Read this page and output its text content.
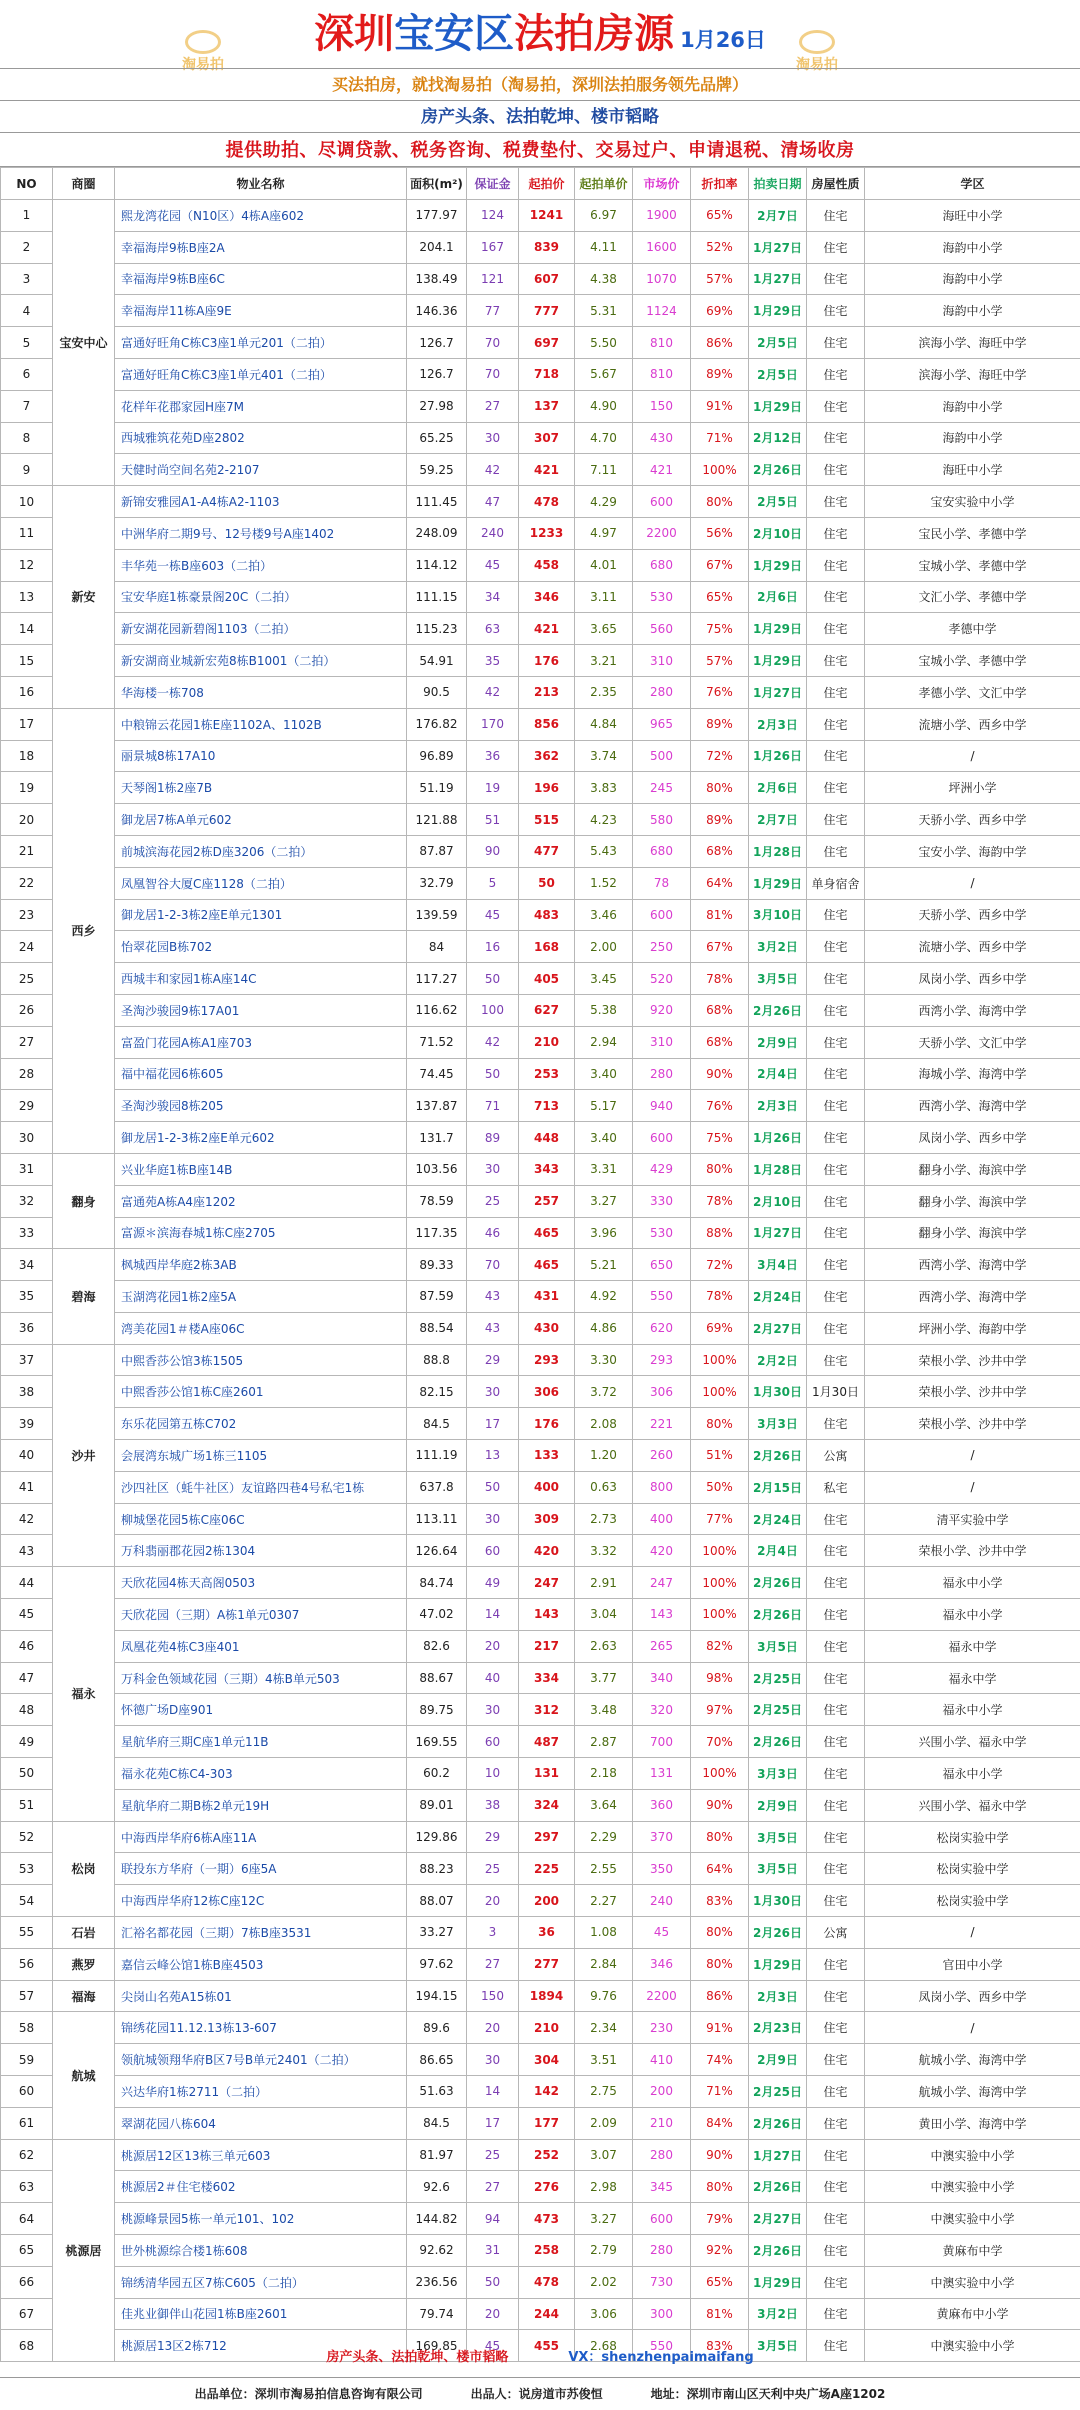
深圳宝安区法拍房源 1月26日
淘易拍	淘易拍
买法拍房，就找淘易拍（淘易拍，深圳法拍服务领先品牌）
房产头条、法拍乾坤、楼市韬略
提供助拍、尽调贷款、税务咨询、税费垫付、交易过户、申请退税、清场收房
NO	商圈	物业名称	面积(m²)	保证金	起拍价	起拍单价	市场价	折扣率	拍卖日期	房屋性质	学区
1	宝安中心	熙龙湾花园（N10区）4栋A座602	177.97	124	1241	6.97	1900	65%	2月7日	住宅	海旺中小学
2		幸福海岸9栋B座2A	204.1	167	839	4.11	1600	52%	1月27日	住宅	海韵中小学
3		幸福海岸9栋B座6C	138.49	121	607	4.38	1070	57%	1月27日	住宅	海韵中小学
4		幸福海岸11栋A座9E	146.36	77	777	5.31	1124	69%	1月29日	住宅	海韵中小学
5		富通好旺角C栋C3座1单元201（二拍）	126.7	70	697	5.50	810	86%	2月5日	住宅	滨海小学、海旺中学
6		富通好旺角C栋C3座1单元401（二拍）	126.7	70	718	5.67	810	89%	2月5日	住宅	滨海小学、海旺中学
7		花样年花郡家园H座7M	27.98	27	137	4.90	150	91%	1月29日	住宅	海韵中小学
8		西城雅筑花苑D座2802	65.25	30	307	4.70	430	71%	2月12日	住宅	海韵中小学
9		天健时尚空间名苑2-2107	59.25	42	421	7.11	421	100%	2月26日	住宅	海旺中小学
10	新安	新锦安雅园A1-A4栋A2-1103	111.45	47	478	4.29	600	80%	2月5日	住宅	宝安实验中小学
11		中洲华府二期9号、12号楼9号A座1402	248.09	240	1233	4.97	2200	56%	2月10日	住宅	宝民小学、孝德中学
12		丰华苑一栋B座603（二拍）	114.12	45	458	4.01	680	67%	1月29日	住宅	宝城小学、孝德中学
13		宝安华庭1栋豪景阁20C（二拍）	111.15	34	346	3.11	530	65%	2月6日	住宅	文汇小学、孝德中学
14		新安湖花园新碧阁1103（二拍）	115.23	63	421	3.65	560	75%	1月29日	住宅	孝德中学
15		新安湖商业城新宏苑8栋B1001（二拍）	54.91	35	176	3.21	310	57%	1月29日	住宅	宝城小学、孝德中学
16		华海楼一栋708	90.5	42	213	2.35	280	76%	1月27日	住宅	孝德小学、文汇中学
17	西乡	中粮锦云花园1栋E座1102A、1102B	176.82	170	856	4.84	965	89%	2月3日	住宅	流塘小学、西乡中学
18		丽景城8栋17A10	96.89	36	362	3.74	500	72%	1月26日	住宅	/
19		天琴阁1栋2座7B	51.19	19	196	3.83	245	80%	2月6日	住宅	坪洲小学
20		御龙居7栋A单元602	121.88	51	515	4.23	580	89%	2月7日	住宅	天骄小学、西乡中学
21		前城滨海花园2栋D座3206（二拍）	87.87	90	477	5.43	680	68%	1月28日	住宅	宝安小学、海韵中学
22		凤凰智谷大厦C座1128（二拍）	32.79	5	50	1.52	78	64%	1月29日	单身宿舍	/
23		御龙居1-2-3栋2座E单元1301	139.59	45	483	3.46	600	81%	3月10日	住宅	天骄小学、西乡中学
24		怡翠花园B栋702	84	16	168	2.00	250	67%	3月2日	住宅	流塘小学、西乡中学
25		西城丰和家园1栋A座14C	117.27	50	405	3.45	520	78%	3月5日	住宅	凤岗小学、西乡中学
26		圣淘沙骏园9栋17A01	116.62	100	627	5.38	920	68%	2月26日	住宅	西湾小学、海湾中学
27		富盈门花园A栋A1座703	71.52	42	210	2.94	310	68%	2月9日	住宅	天骄小学、文汇中学
28		福中福花园6栋605	74.45	50	253	3.40	280	90%	2月4日	住宅	海城小学、海湾中学
29		圣淘沙骏园8栋205	137.87	71	713	5.17	940	76%	2月3日	住宅	西湾小学、海湾中学
30		御龙居1-2-3栋2座E单元602	131.7	89	448	3.40	600	75%	1月26日	住宅	凤岗小学、西乡中学
31	翻身	兴业华庭1栋B座14B	103.56	30	343	3.31	429	80%	1月28日	住宅	翻身小学、海滨中学
32		富通苑A栋A4座1202	78.59	25	257	3.27	330	78%	2月10日	住宅	翻身小学、海滨中学
33		富源＊滨海春城1栋C座2705	117.35	46	465	3.96	530	88%	1月27日	住宅	翻身小学、海滨中学
34	碧海	枫城西岸华庭2栋3AB	89.33	70	465	5.21	650	72%	3月4日	住宅	西湾小学、海湾中学
35		玉湖湾花园1栋2座5A	87.59	43	431	4.92	550	78%	2月24日	住宅	西湾小学、海湾中学
36		湾美花园1＃楼A座06C	88.54	43	430	4.86	620	69%	2月27日	住宅	坪洲小学、海韵中学
37	沙井	中熙香莎公馆3栋1505	88.8	29	293	3.30	293	100%	2月2日	住宅	荣根小学、沙井中学
38		中熙香莎公馆1栋C座2601	82.15	30	306	3.72	306	100%	1月30日	1月30日	荣根小学、沙井中学
39		东乐花园第五栋C702	84.5	17	176	2.08	221	80%	3月3日	住宅	荣根小学、沙井中学
40		会展湾东城广场1栋三1105	111.19	13	133	1.20	260	51%	2月26日	公寓	/
41		沙四社区（蚝牛社区）友谊路四巷4号私宅1栋	637.8	50	400	0.63	800	50%	2月15日	私宅	/
42		柳城堡花园5栋C座06C	113.11	30	309	2.73	400	77%	2月24日	住宅	清平实验中学
43		万科翡丽郡花园2栋1304	126.64	60	420	3.32	420	100%	2月4日	住宅	荣根小学、沙井中学
44	福永	天欣花园4栋天高阁0503	84.74	49	247	2.91	247	100%	2月26日	住宅	福永中小学
45		天欣花园（三期）A栋1单元0307	47.02	14	143	3.04	143	100%	2月26日	住宅	福永中小学
46		凤凰花苑4栋C3座401	82.6	20	217	2.63	265	82%	3月5日	住宅	福永中学
47		万科金色领域花园（三期）4栋B单元503	88.67	40	334	3.77	340	98%	2月25日	住宅	福永中学
48		怀德广场D座901	89.75	30	312	3.48	320	97%	2月25日	住宅	福永中小学
49		星航华府三期C座1单元11B	169.55	60	487	2.87	700	70%	2月26日	住宅	兴围小学、福永中学
50		福永花苑C栋C4-303	60.2	10	131	2.18	131	100%	3月3日	住宅	福永中小学
51		星航华府二期B栋2单元19H	89.01	38	324	3.64	360	90%	2月9日	住宅	兴围小学、福永中学
52	松岗	中海西岸华府6栋A座11A	129.86	29	297	2.29	370	80%	3月5日	住宅	松岗实验中学
53		联投东方华府（一期）6座5A	88.23	25	225	2.55	350	64%	3月5日	住宅	松岗实验中学
54		中海西岸华府12栋C座12C	88.07	20	200	2.27	240	83%	1月30日	住宅	松岗实验中学
55	石岩	汇裕名都花园（三期）7栋B座3531	33.27	3	36	1.08	45	80%	2月26日	公寓	/
56	燕罗	嘉信云峰公馆1栋B座4503	97.62	27	277	2.84	346	80%	1月29日	住宅	官田中小学
57	福海	尖岗山名苑A15栋01	194.15	150	1894	9.76	2200	86%	2月3日	住宅	凤岗小学、西乡中学
58	航城	锦绣花园11.12.13栋13-607	89.6	20	210	2.34	230	91%	2月23日	住宅	/
59		领航城领翔华府B区7号B单元2401（二拍）	86.65	30	304	3.51	410	74%	2月9日	住宅	航城小学、海湾中学
60		兴达华府1栋2711（二拍）	51.63	14	142	2.75	200	71%	2月25日	住宅	航城小学、海湾中学
61		翠湖花园八栋604	84.5	17	177	2.09	210	84%	2月26日	住宅	黄田小学、海湾中学
62	桃源居	桃源居12区13栋三单元603	81.97	25	252	3.07	280	90%	1月27日	住宅	中澳实验中小学
63		桃源居2＃住宅楼602	92.6	27	276	2.98	345	80%	2月26日	住宅	中澳实验中小学
64		桃源峰景园5栋一单元101、102	144.82	94	473	3.27	600	79%	2月27日	住宅	中澳实验中小学
65		世外桃源综合楼1栋608	92.62	31	258	2.79	280	92%	2月26日	住宅	黄麻布中学
66		锦绣清华园五区7栋C605（二拍）	236.56	50	478	2.02	730	65%	1月29日	住宅	中澳实验中小学
67		佳兆业御伴山花园1栋B座2601	79.74	20	244	3.06	300	81%	3月2日	住宅	黄麻布中小学
68		桃源居13区2栋712	169.85	45	455	2.68	550	83%	3月5日	住宅	中澳实验中小学
房产头条、法拍乾坤、楼市韬略	VX：shenzhenpaimaifang
出品单位：深圳市淘易拍信息咨询有限公司	出品人：说房道市苏俊恒	地址：深圳市南山区天利中央广场A座1202
